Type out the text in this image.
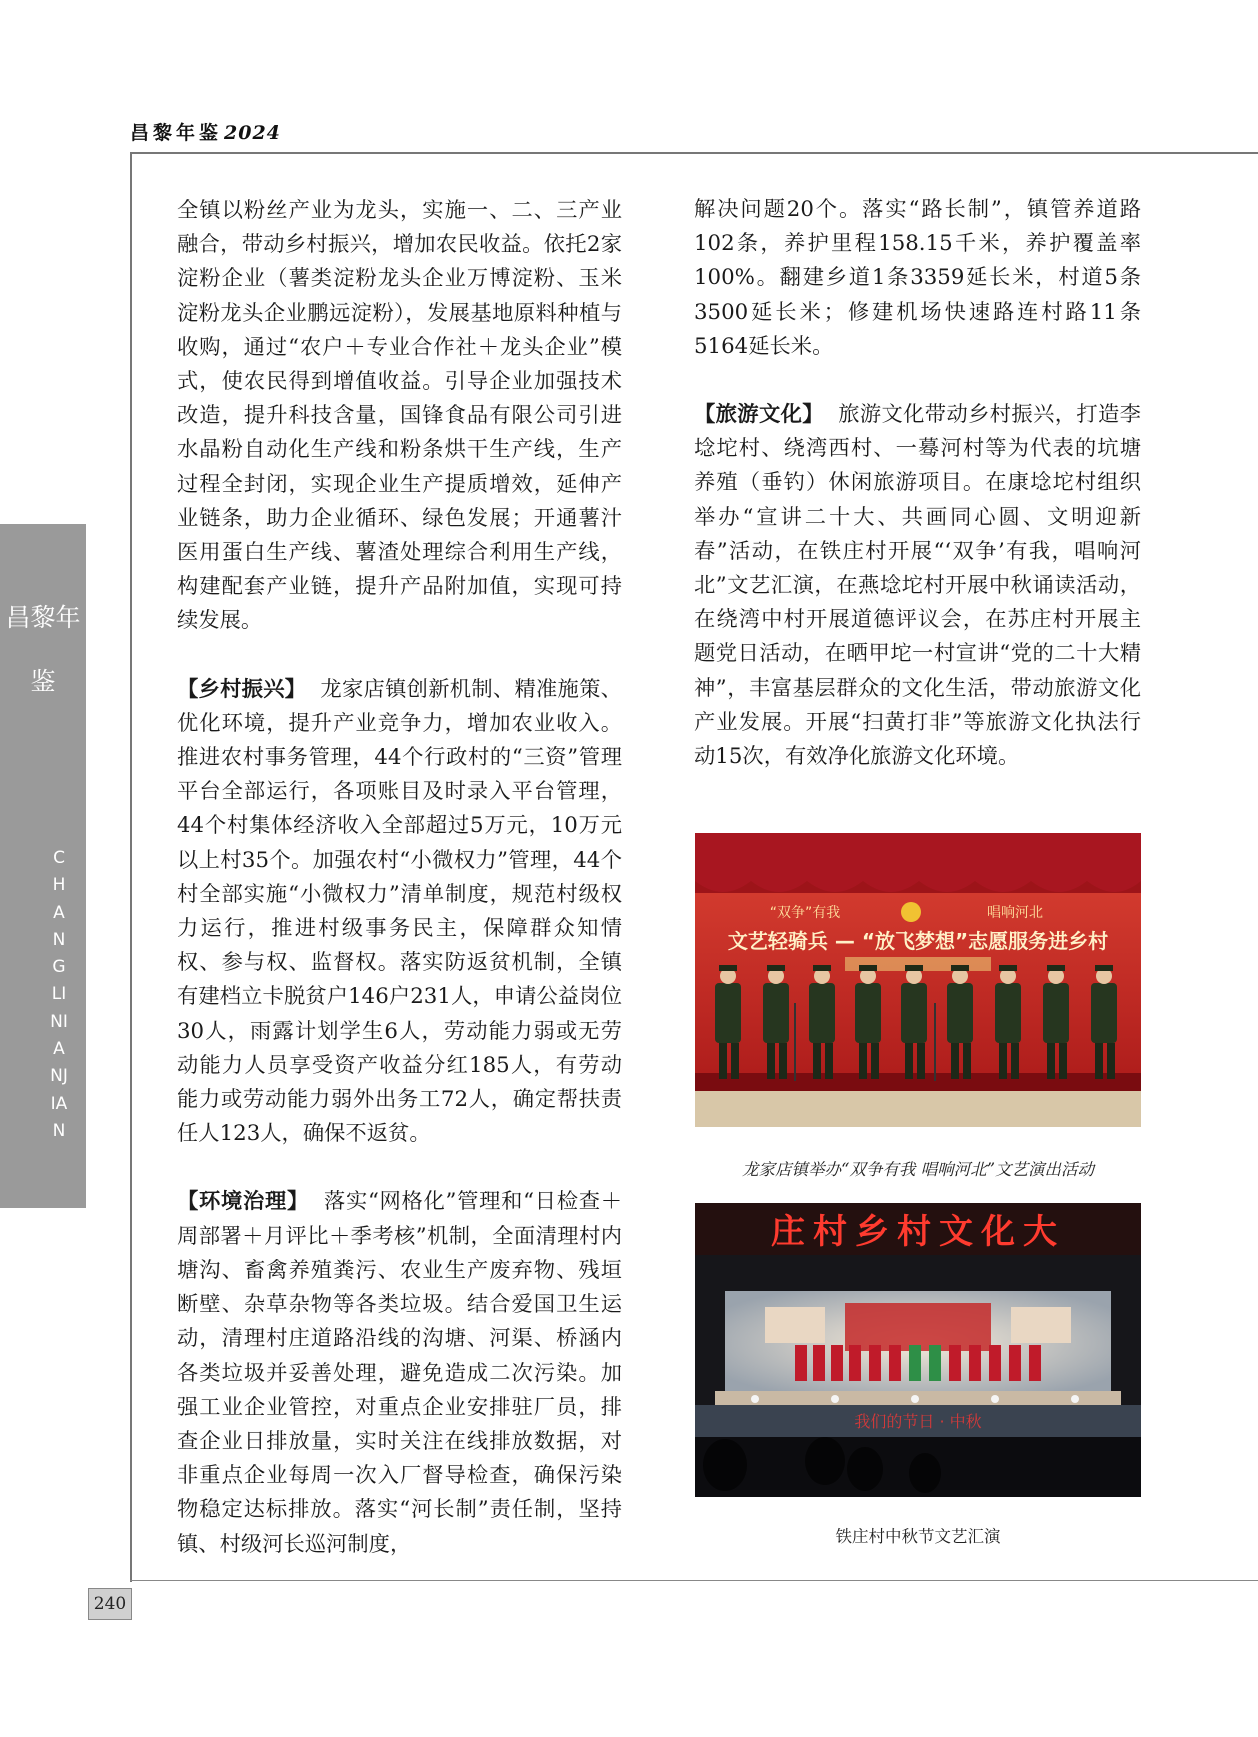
昌黎年鉴 2024
昌黎年鉴
CHANGLINIANJIAN

全镇以粉丝产业为龙头，实施一、二、三产业融合，带动乡村振兴，增加农民收益。依托2家淀粉企业（薯类淀粉龙头企业万博淀粉、玉米淀粉龙头企业鹏远淀粉），发展基地原料种植与收购，通过“农户＋专业合作社＋龙头企业”模式，使农民得到增值收益。引导企业加强技术改造，提升科技含量，国锋食品有限公司引进水晶粉自动化生产线和粉条烘干生产线，生产过程全封闭，实现企业生产提质增效，延伸产业链条，助力企业循环、绿色发展；开通薯汁医用蛋白生产线、薯渣处理综合利用生产线，构建配套产业链，提升产品附加值，实现可持续发展。

【乡村振兴】 龙家店镇创新机制、精准施策、优化环境，提升产业竞争力，增加农业收入。推进农村事务管理，44个行政村的“三资”管理平台全部运行，各项账目及时录入平台管理，44个村集体经济收入全部超过5万元，10万元以上村35个。加强农村“小微权力”管理，44个村全部实施“小微权力”清单制度，规范村级权力运行，推进村级事务民主，保障群众知情权、参与权、监督权。落实防返贫机制，全镇有建档立卡脱贫户146户231人，申请公益岗位30人，雨露计划学生6人，劳动能力弱或无劳动能力人员享受资产收益分红185人，有劳动能力或劳动能力弱外出务工72人，确定帮扶责任人123人，确保不返贫。

【环境治理】 落实“网格化”管理和“日检查＋周部署＋月评比＋季考核”机制，全面清理村内塘沟、畜禽养殖粪污、农业生产废弃物、残垣断壁、杂草杂物等各类垃圾。结合爱国卫生运动，清理村庄道路沿线的沟塘、河渠、桥涵内各类垃圾并妥善处理，避免造成二次污染。加强工业企业管控，对重点企业安排驻厂员，排查企业日排放量，实时关注在线排放数据，对非重点企业每周一次入厂督导检查，确保污染物稳定达标排放。落实“河长制”责任制，坚持镇、村级河长巡河制度，

解决问题20个。落实“路长制”，镇管养道路102条，养护里程158.15千米，养护覆盖率100%。翻建乡道1条3359延长米，村道5条3500延长米；修建机场快速路连村路11条5164延长米。

【旅游文化】 旅游文化带动乡村振兴，打造李埝坨村、绕湾西村、一蓦河村等为代表的坑塘养殖（垂钓）休闲旅游项目。在康埝坨村组织举办“宣讲二十大、共画同心圆、文明迎新春”活动，在铁庄村开展“‘双争’有我，唱响河北”文艺汇演，在燕埝坨村开展中秋诵读活动，在绕湾中村开展道德评议会，在苏庄村开展主题党日活动，在晒甲坨一村宣讲“党的二十大精神”，丰富基层群众的文化生活，带动旅游文化产业发展。开展“扫黄打非”等旅游文化执法行动15次，有效净化旅游文化环境。

“双争”有我	唱响河北
文艺轻骑兵 — “放飞梦想”志愿服务进乡村
龙家店镇举办“双争有我 唱响河北”文艺演出活动
庄村乡村文化大
我们的节日 · 中秋
铁庄村中秋节文艺汇演
240
